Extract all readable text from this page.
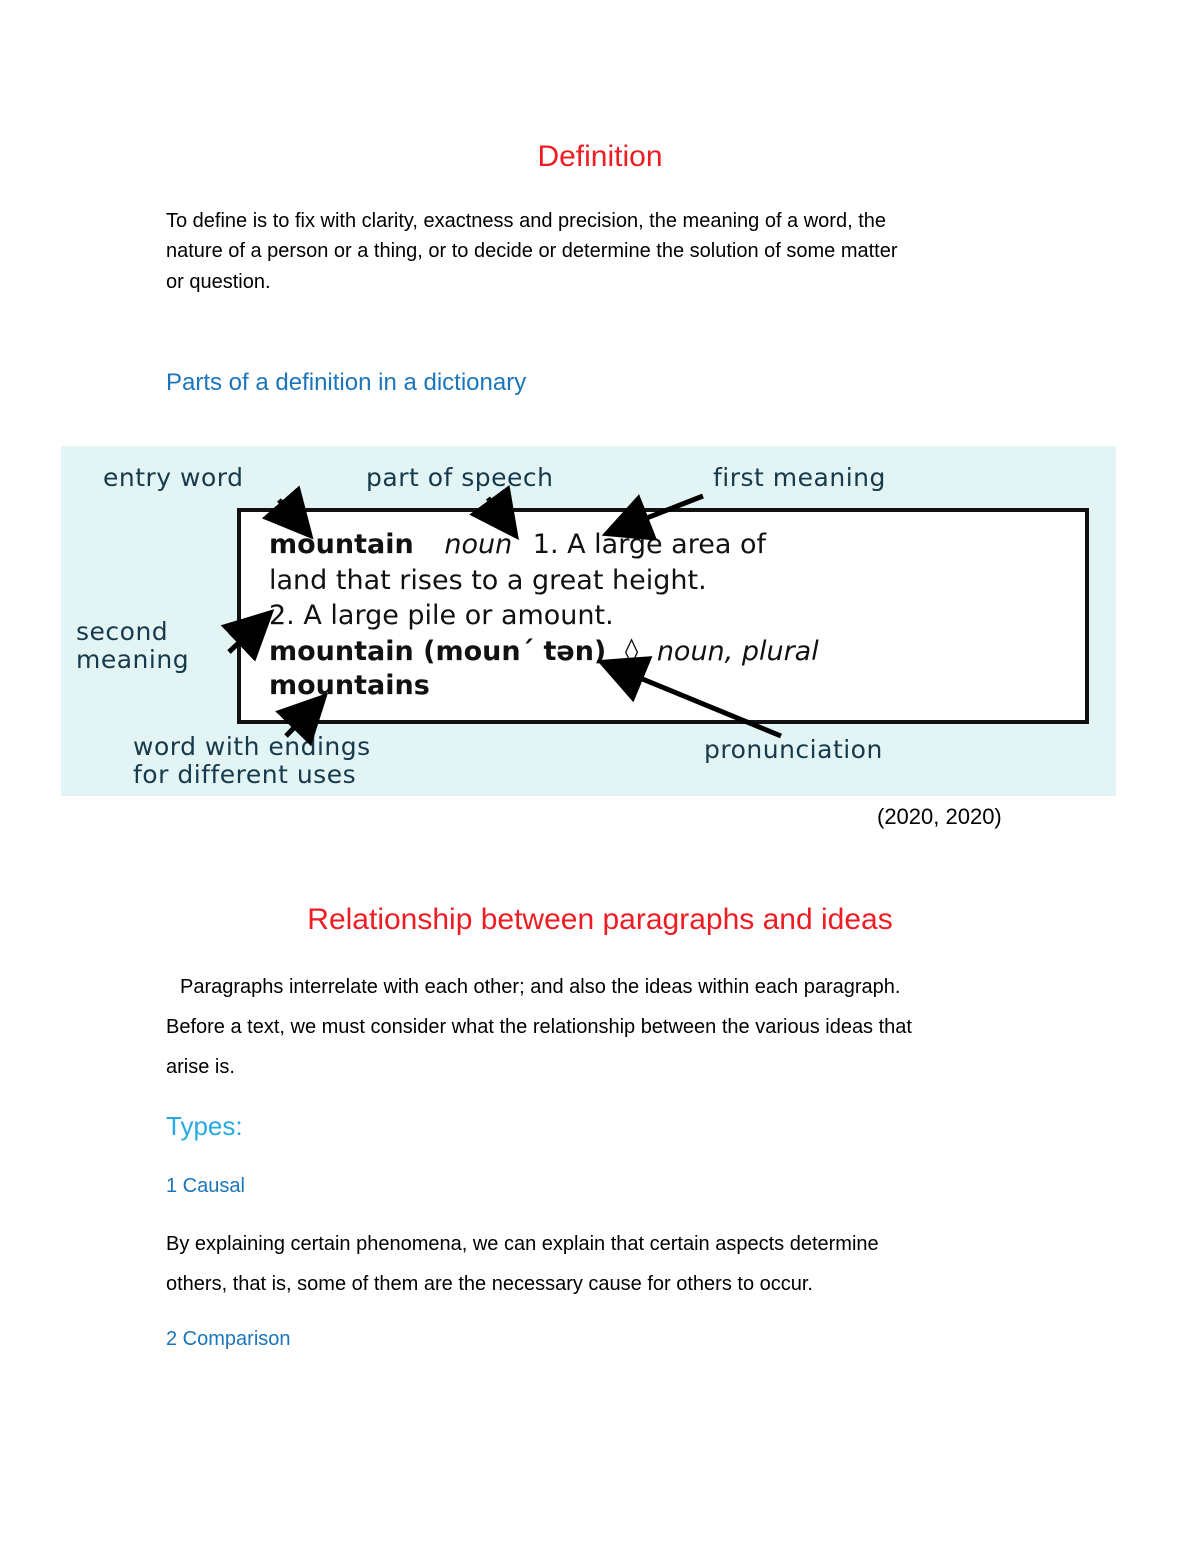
Definition

To define is to fix with clarity, exactness and precision, the meaning of a word, the

nature of a person or a thing, or to decide or determine the solution of some matter

or question.

Parts of a definition in a dictionary
entry word	part of speech	first meaning
second
meaning
word with endings
for different uses
pronunciation
mountain noun 1. A large area of
land that rises to a great height.
2. A large pile or amount.
mountain (moun´ tən) ◊ noun, plural
mountains

(2020, 2020)

Relationship between paragraphs and ideas

Paragraphs interrelate with each other; and also the ideas within each paragraph.

Before a text, we must consider what the relationship between the various ideas that

arise is.

Types:
1 Causal

By explaining certain phenomena, we can explain that certain aspects determine

others, that is, some of them are the necessary cause for others to occur.

2 Comparison
